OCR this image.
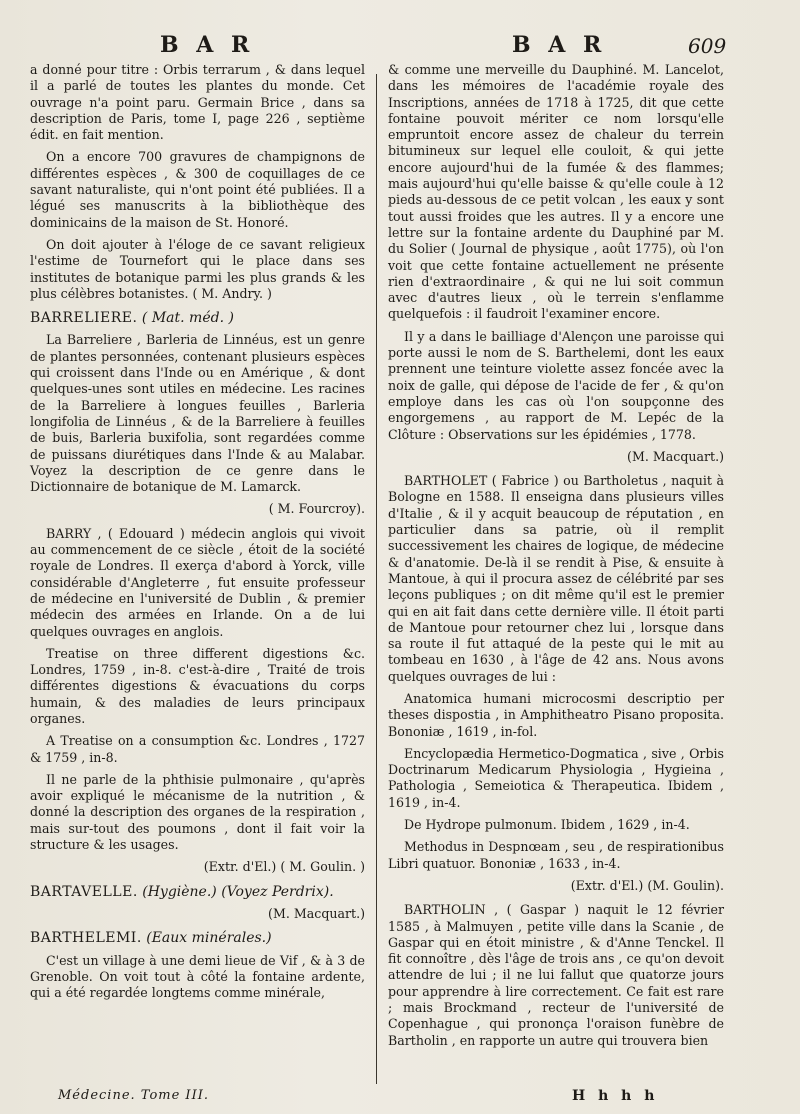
B A R	B A R	609

a donné pour titre : Orbis terrarum , & dans lequel il a parlé de toutes les plantes du monde. Cet ouvrage n'a point paru. Germain Brice , dans sa description de Paris, tome I, page 226 , septième édit. en fait mention.

On a encore 700 gravures de champignons de différentes espèces , & 300 de coquillages de ce savant naturaliste, qui n'ont point été publiées. Il a légué ses manuscrits à la bibliothèque des dominicains de la maison de St. Honoré.

On doit ajouter à l'éloge de ce savant religieux l'estime de Tournefort qui le place dans ses institutes de botanique parmi les plus grands & les plus célèbres botanistes. ( M. Andry. )

BARRELIERE. ( Mat. méd. )

La Barreliere , Barleria de Linnéus, est un genre de plantes personnées, contenant plusieurs espèces qui croissent dans l'Inde ou en Amérique , & dont quelques-unes sont utiles en médecine. Les racines de la Barreliere à longues feuilles , Barleria longifolia de Linnéus , & de la Barreliere à feuilles de buis, Barleria buxifolia, sont regardées comme de puissans diurétiques dans l'Inde & au Malabar. Voyez la description de ce genre dans le Dictionnaire de botanique de M. Lamarck.

( M. Fourcroy).

BARRY , ( Edouard ) médecin anglois qui vivoit au commencement de ce siècle , étoit de la société royale de Londres. Il exerça d'abord à Yorck, ville considérable d'Angleterre , fut ensuite professeur de médecine en l'université de Dublin , & premier médecin des armées en Irlande. On a de lui quelques ouvrages en anglois.

Treatise on three different digestions &c. Londres, 1759 , in-8. c'est-à-dire , Traité de trois différentes digestions & évacuations du corps humain, & des maladies de leurs principaux organes.

A Treatise on a consumption &c. Londres , 1727 & 1759 , in-8.

Il ne parle de la phthisie pulmonaire , qu'après avoir expliqué le mécanisme de la nutrition , & donné la description des organes de la respiration , mais sur-tout des poumons , dont il fait voir la structure & les usages.

(Extr. d'El.) ( M. Goulin. )

BARTAVELLE. (Hygiène.) (Voyez Perdrix).

(M. Macquart.)

BARTHELEMI. (Eaux minérales.)

C'est un village à une demi lieue de Vif , & à 3 de Grenoble. On voit tout à côté la fontaine ardente, qui a été regardée longtems comme minérale,

& comme une merveille du Dauphiné. M. Lancelot, dans les mémoires de l'académie royale des Inscriptions, années de 1718 à 1725, dit que cette fontaine pouvoit mériter ce nom lorsqu'elle empruntoit encore assez de chaleur du terrein bitumineux sur lequel elle couloit, & qui jette encore aujourd'hui de la fumée & des flammes; mais aujourd'hui qu'elle baisse & qu'elle coule à 12 pieds au-dessous de ce petit volcan , les eaux y sont tout aussi froides que les autres. Il y a encore une lettre sur la fontaine ardente du Dauphiné par M. du Solier ( Journal de physique , août 1775), où l'on voit que cette fontaine actuellement ne présente rien d'extraordinaire , & qui ne lui soit commun avec d'autres lieux , où le terrein s'enflamme quelquefois : il faudroit l'examiner encore.

Il y a dans le bailliage d'Alençon une paroisse qui porte aussi le nom de S. Barthelemi, dont les eaux prennent une teinture violette assez foncée avec la noix de galle, qui dépose de l'acide de fer , & qu'on employe dans les cas où l'on soupçonne des engorgemens , au rapport de M. Lepéc de la Clôture : Observations sur les épidémies , 1778.

(M. Macquart.)

BARTHOLET ( Fabrice ) ou Bartholetus , naquit à Bologne en 1588. Il enseigna dans plusieurs villes d'Italie , & il y acquit beaucoup de réputation , en particulier dans sa patrie, où il remplit successivement les chaires de logique, de médecine & d'anatomie. De-là il se rendit à Pise, & ensuite à Mantoue, à qui il procura assez de célébrité par ses leçons publiques ; on dit même qu'il est le premier qui en ait fait dans cette dernière ville. Il étoit parti de Mantoue pour retourner chez lui , lorsque dans sa route il fut attaqué de la peste qui le mit au tombeau en 1630 , à l'âge de 42 ans. Nous avons quelques ouvrages de lui :

Anatomica humani microcosmi descriptio per theses dispostia , in Amphitheatro Pisano proposita. Bononiæ , 1619 , in-fol.

Encyclopædia Hermetico-Dogmatica , sive , Orbis Doctrinarum Medicarum Physiologia , Hygieina , Pathologia , Semeiotica & Therapeutica. Ibidem , 1619 , in-4.

De Hydrope pulmonum. Ibidem , 1629 , in-4.

Methodus in Despnœam , seu , de respirationibus Libri quatuor. Bononiæ , 1633 , in-4.

(Extr. d'El.) (M. Goulin).

BARTHOLIN , ( Gaspar ) naquit le 12 février 1585 , à Malmuyen , petite ville dans la Scanie , de Gaspar qui en étoit ministre , & d'Anne Tenckel. Il fit connoître , dès l'âge de trois ans , ce qu'on devoit attendre de lui ; il ne lui fallut que quatorze jours pour apprendre à lire correctement. Ce fait est rare ; mais Brockmand , recteur de l'université de Copenhague , qui prononça l'oraison funèbre de Bartholin , en rapporte un autre qui trouvera bien

Médecine. Tome III.	H h h h
